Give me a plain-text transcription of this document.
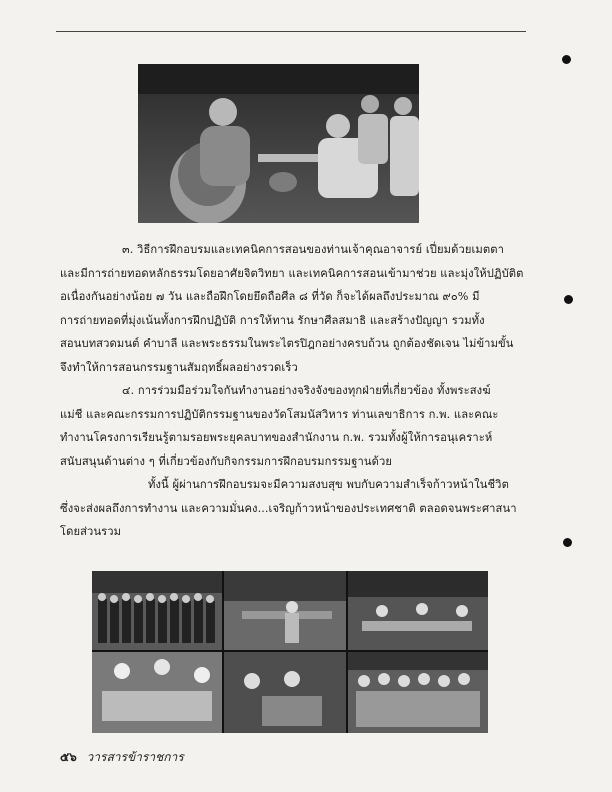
๓. วิธีการฝึกอบรมและเทคนิคการสอนของท่านเจ้าคุณอาจารย์ เปี่ยมด้วยเมตตา
และมีการถ่ายทอดหลักธรรมโดยอาศัยจิตวิทยา และเทคนิคการสอนเข้ามาช่วย และมุ่งให้ปฏิบัติต
่อเนื่องกันอย่างน้อย ๗ วัน และถือฝึกโดยยึดถือศีล ๘ ที่วัด ก็จะได้ผลถึงประมาณ ๙๐% มี
การถ่ายทอดที่มุ่งเน้นทั้งการฝึกปฏิบัติ การให้ทาน รักษาศีลสมาธิ และสร้างปัญญา รวมทั้ง
สอนบทสวดมนต์ คำบาลี และพระธรรมในพระไตรปิฎกอย่างครบถ้วน ถูกต้องชัดเจน ไม่ข้ามขั้น
จึงทำให้การสอนกรรมฐานสัมฤทธิ์ผลอย่างรวดเร็ว

๔. การร่วมมือร่วมใจกันทำงานอย่างจริงจังของทุกฝ่ายที่เกี่ยวข้อง ทั้งพระสงฆ์
แม่ชี และคณะกรรมการปฏิบัติกรรมฐานของวัดโสมนัสวิหาร ท่านเลขาธิการ ก.พ. และคณะ
ทำงานโครงการเรียนรู้ตามรอยพระยุคลบาทของสำนักงาน ก.พ. รวมทั้งผู้ให้การอนุเคราะห์
สนับสนุนด้านต่าง ๆ ที่เกี่ยวข้องกับกิจกรรมการฝึกอบรมกรรมฐานด้วย

ทั้งนี้ ผู้ผ่านการฝึกอบรมจะมีความสงบสุข พบกับความสำเร็จก้าวหน้าในชีวิต
ซึ่งจะส่งผลถึงการทำงาน และความมั่นคง...เจริญก้าวหน้าของประเทศชาติ ตลอดจนพระศาสนา
โดยส่วนรวม

๕๖ วารสารข้าราชการ
